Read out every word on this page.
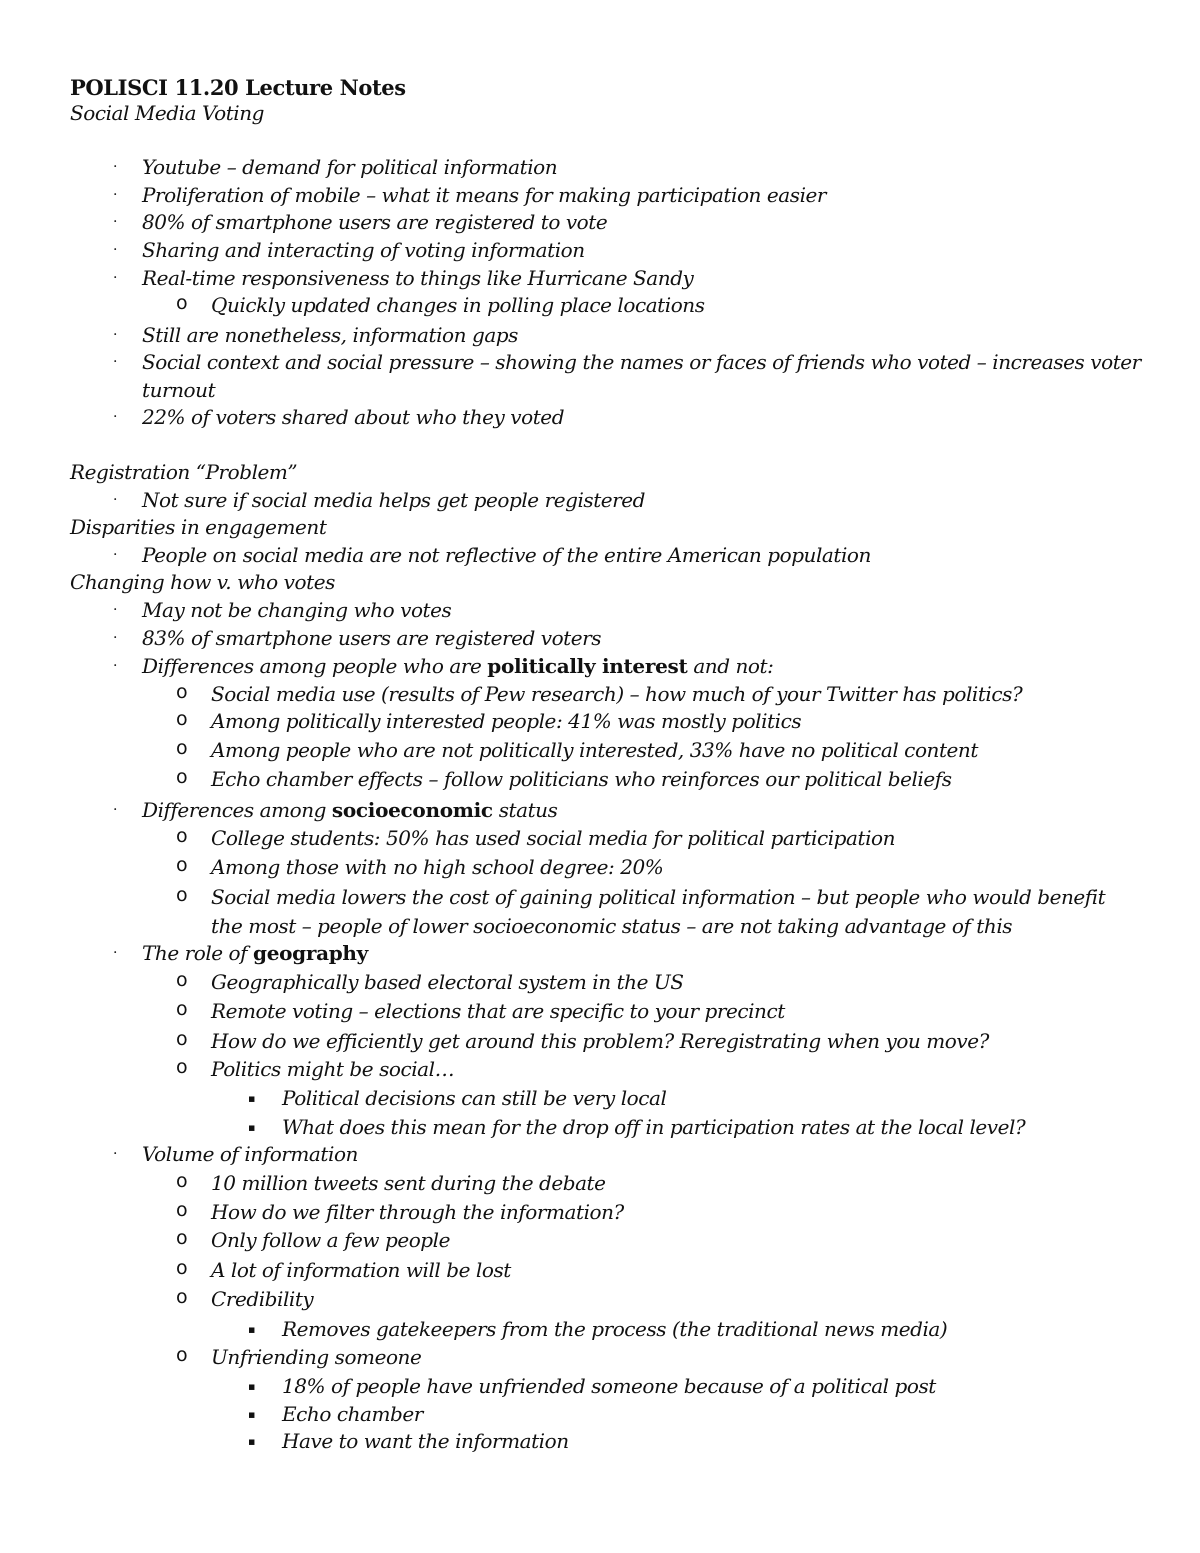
POLISCI 11.20 Lecture Notes
Social Media Voting
· Youtube – demand for political information
· Proliferation of mobile – what it means for making participation easier
· 80% of smartphone users are registered to vote
· Sharing and interacting of voting information
· Real-time responsiveness to things like Hurricane Sandy
o Quickly updated changes in polling place locations
· Still are nonetheless, information gaps
· Social context and social pressure – showing the names or faces of friends who voted – increases voter
turnout
· 22% of voters shared about who they voted
Registration “Problem”
· Not sure if social media helps get people registered
Disparities in engagement
· People on social media are not reflective of the entire American population
Changing how v. who votes
· May not be changing who votes
· 83% of smartphone users are registered voters
· Differences among people who are politically interest and not:
o Social media use (results of Pew research) – how much of your Twitter has politics?
o Among politically interested people: 41% was mostly politics
o Among people who are not politically interested, 33% have no political content
o Echo chamber effects – follow politicians who reinforces our political beliefs
· Differences among socioeconomic status
o College students: 50% has used social media for political participation
o Among those with no high school degree: 20%
o Social media lowers the cost of gaining political information – but people who would benefit
the most – people of lower socioeconomic status – are not taking advantage of this
· The role of geography
o Geographically based electoral system in the US
o Remote voting – elections that are specific to your precinct
o How do we efficiently get around this problem? Reregistrating when you move?
o Politics might be social…
▪ Political decisions can still be very local
▪ What does this mean for the drop off in participation rates at the local level?
· Volume of information
o 10 million tweets sent during the debate
o How do we filter through the information?
o Only follow a few people
o A lot of information will be lost
o Credibility
▪ Removes gatekeepers from the process (the traditional news media)
o Unfriending someone
▪ 18% of people have unfriended someone because of a political post
▪ Echo chamber
▪ Have to want the information
